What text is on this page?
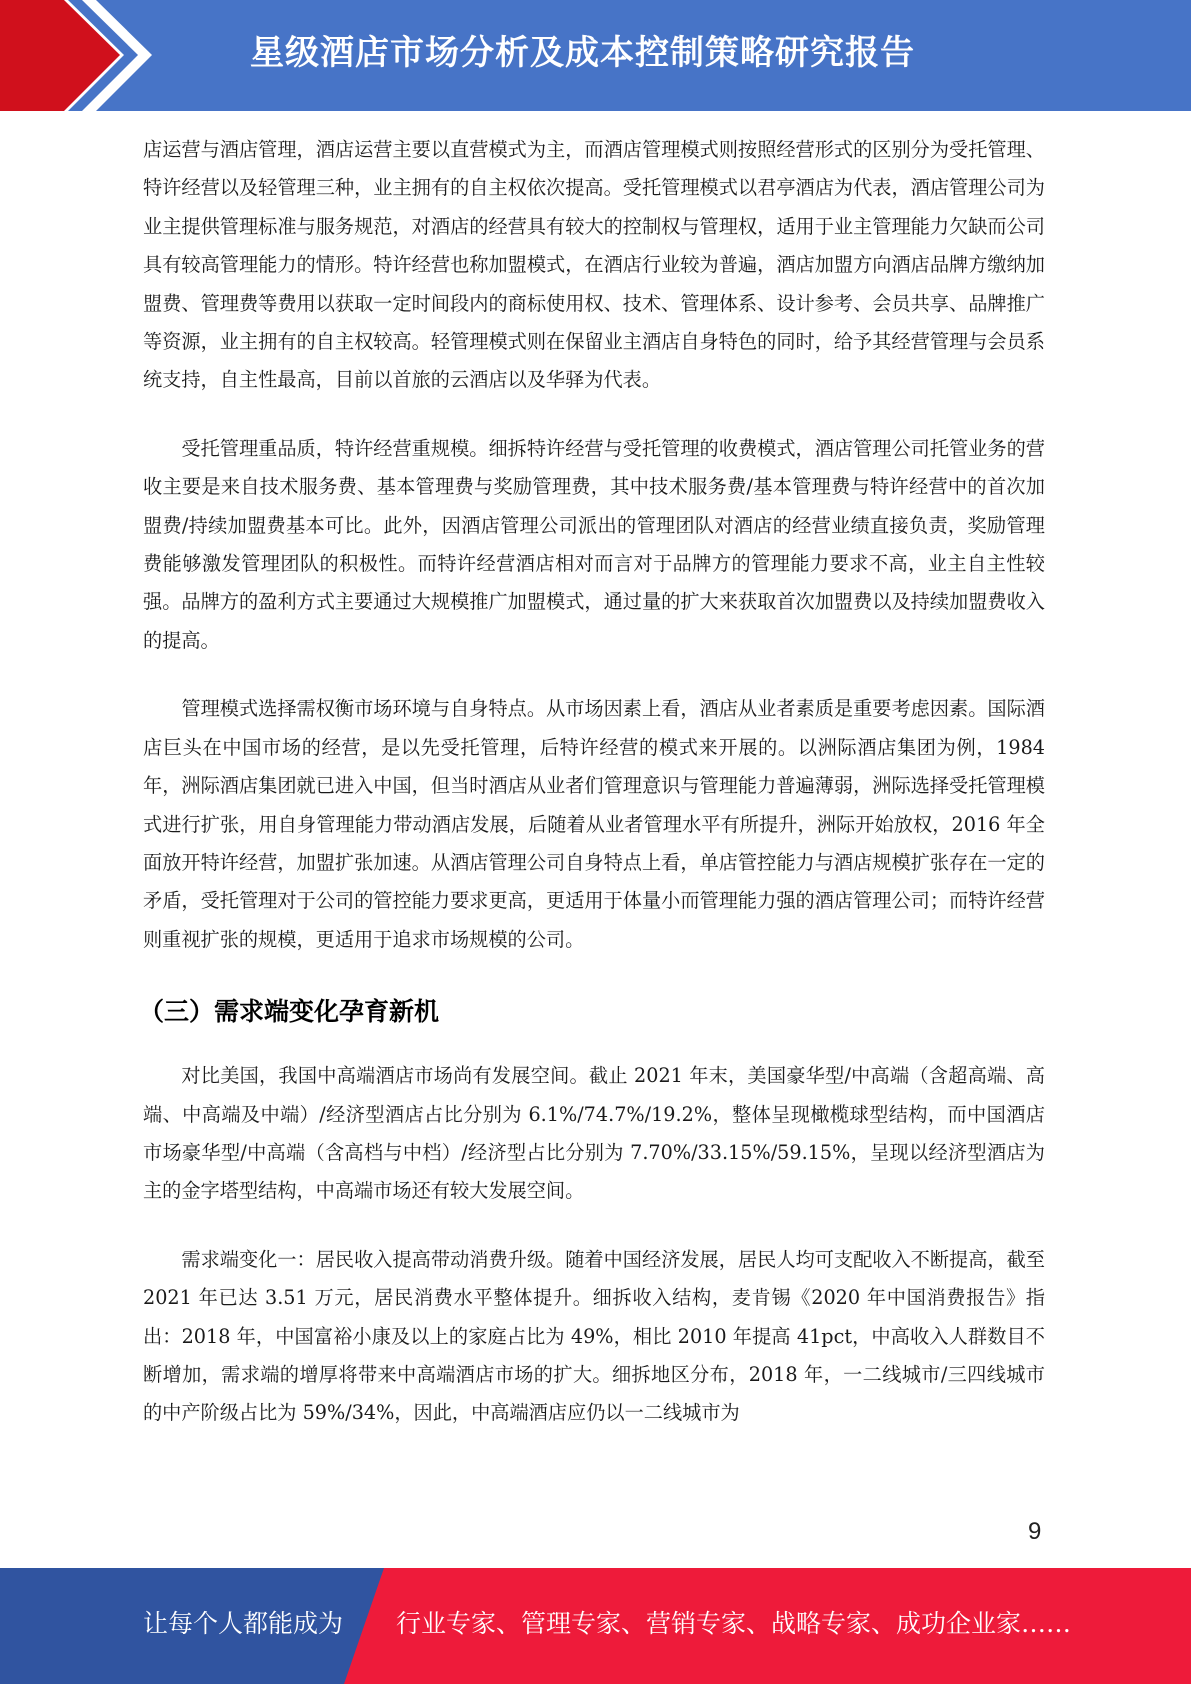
星级酒店市场分析及成本控制策略研究报告

店运营与酒店管理，酒店运营主要以直营模式为主，而酒店管理模式则按照经营形式的区别分为受托管理、特许经营以及轻管理三种，业主拥有的自主权依次提高。受托管理模式以君亭酒店为代表，酒店管理公司为业主提供管理标准与服务规范，对酒店的经营具有较大的控制权与管理权，适用于业主管理能力欠缺而公司具有较高管理能力的情形。特许经营也称加盟模式，在酒店行业较为普遍，酒店加盟方向酒店品牌方缴纳加盟费、管理费等费用以获取一定时间段内的商标使用权、技术、管理体系、设计参考、会员共享、品牌推广等资源，业主拥有的自主权较高。轻管理模式则在保留业主酒店自身特色的同时，给予其经营管理与会员系统支持，自主性最高，目前以首旅的云酒店以及华驿为代表。

受托管理重品质，特许经营重规模。细拆特许经营与受托管理的收费模式，酒店管理公司托管业务的营收主要是来自技术服务费、基本管理费与奖励管理费，其中技术服务费/基本管理费与特许经营中的首次加盟费/持续加盟费基本可比。此外，因酒店管理公司派出的管理团队对酒店的经营业绩直接负责，奖励管理费能够激发管理团队的积极性。而特许经营酒店相对而言对于品牌方的管理能力要求不高，业主自主性较强。品牌方的盈利方式主要通过大规模推广加盟模式，通过量的扩大来获取首次加盟费以及持续加盟费收入的提高。

管理模式选择需权衡市场环境与自身特点。从市场因素上看，酒店从业者素质是重要考虑因素。国际酒店巨头在中国市场的经营，是以先受托管理，后特许经营的模式来开展的。以洲际酒店集团为例，1984 年，洲际酒店集团就已进入中国，但当时酒店从业者们管理意识与管理能力普遍薄弱，洲际选择受托管理模式进行扩张，用自身管理能力带动酒店发展，后随着从业者管理水平有所提升，洲际开始放权，2016 年全面放开特许经营，加盟扩张加速。从酒店管理公司自身特点上看，单店管控能力与酒店规模扩张存在一定的矛盾，受托管理对于公司的管控能力要求更高，更适用于体量小而管理能力强的酒店管理公司；而特许经营则重视扩张的规模，更适用于追求市场规模的公司。

（三）需求端变化孕育新机

对比美国，我国中高端酒店市场尚有发展空间。截止 2021 年末，美国豪华型/中高端（含超高端、高端、中高端及中端）/经济型酒店占比分别为 6.1%/74.7%/19.2%，整体呈现橄榄球型结构，而中国酒店市场豪华型/中高端（含高档与中档）/经济型占比分别为 7.70%/33.15%/59.15%，呈现以经济型酒店为主的金字塔型结构，中高端市场还有较大发展空间。

需求端变化一：居民收入提高带动消费升级。随着中国经济发展，居民人均可支配收入不断提高，截至 2021 年已达 3.51 万元，居民消费水平整体提升。细拆收入结构，麦肯锡《2020 年中国消费报告》指出：2018 年，中国富裕小康及以上的家庭占比为 49%，相比 2010 年提高 41pct，中高收入人群数目不断增加，需求端的增厚将带来中高端酒店市场的扩大。细拆地区分布，2018 年，一二线城市/三四线城市的中产阶级占比为 59%/34%，因此，中高端酒店应仍以一二线城市为

9
让每个人都能成为 行业专家、管理专家、营销专家、战略专家、成功企业家……
